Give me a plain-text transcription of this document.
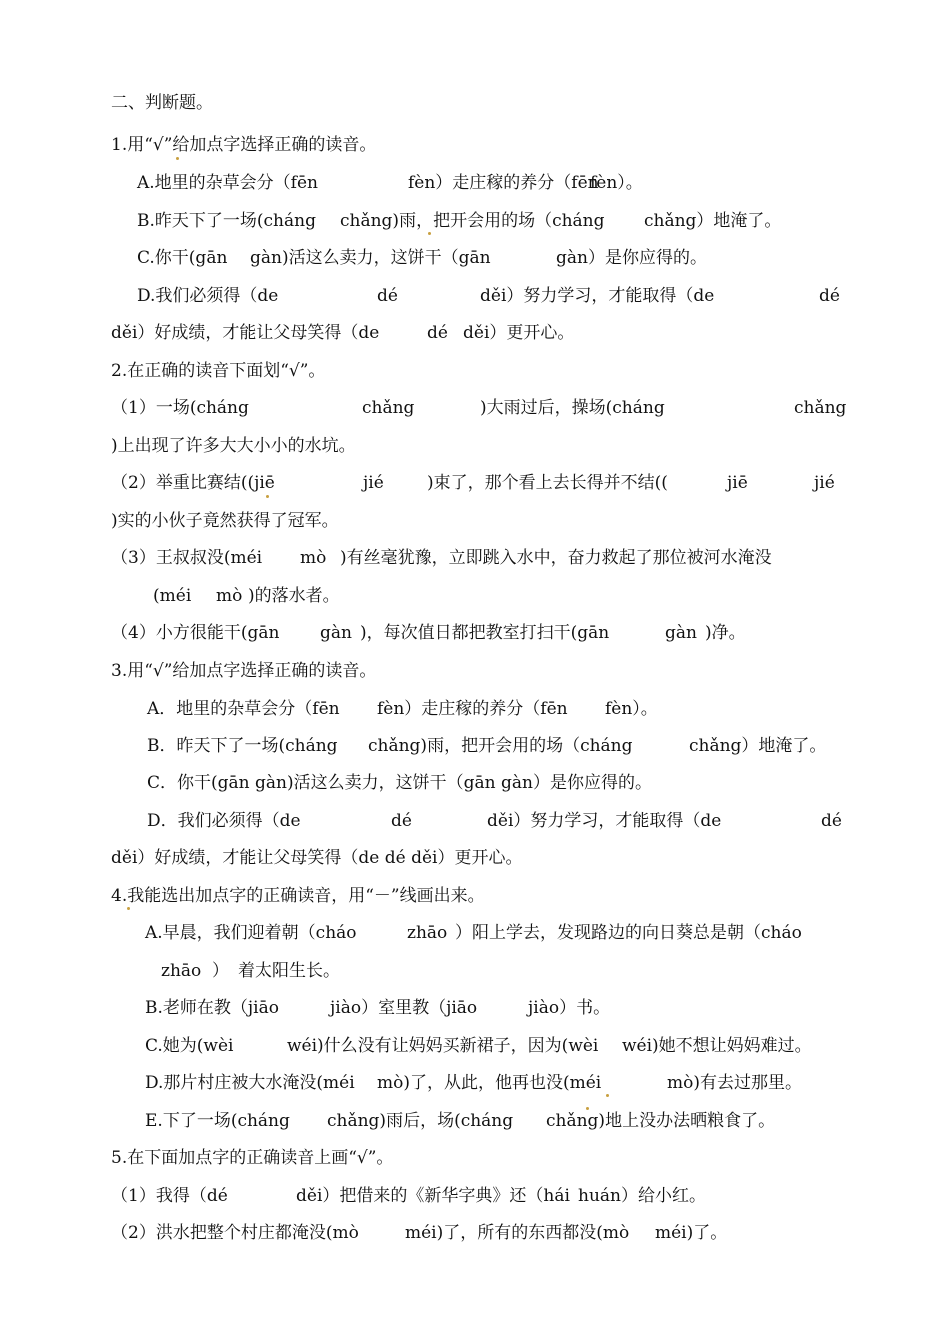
二、判断题。
1.用“√”给加点字选择正确的读音。
A.地里的杂草会分（fēn	fèn）走庄稼的养分（fēn
fèn）。
B.昨天下了一场(cháng chǎng)雨，把开会用的场（cháng chǎng）地淹了。
C.你干(gān gàn)活这么卖力，这饼干（gān	gàn）是你应得的。
D.我们必须得（de	dé	děi）努力学习，才能取得（de	dé
děi）好成绩，才能让父母笑得（de	dé děi）更开心。
2.在正确的读音下面划“√”。
（1）一场(cháng	chǎng	)大雨过后，操场(cháng	chǎng
)上出现了许多大大小小的水坑。
（2）举重比赛结((jiē	jié	)束了，那个看上去长得并不结((	jiē	jié
)实的小伙子竟然获得了冠军。
（3）王叔叔没(méi mò )有丝毫犹豫，立即跳入水中，奋力救起了那位被河水淹没
(méi mò )的落水者。
（4）小方很能干(gān gàn )，每次值日都把教室打扫干(gān	gàn )净。
3.用“√”给加点字选择正确的读音。
A．地里的杂草会分（fēn fèn）走庄稼的养分（fēn fèn）。
B．昨天下了一场(cháng chǎng)雨，把开会用的场（cháng	chǎng）地淹了。
C．你干(gān gàn)活这么卖力，这饼干（gān gàn）是你应得的。
D．我们必须得（de	dé	děi）努力学习，才能取得（de	dé
děi）好成绩，才能让父母笑得（de dé děi）更开心。
4.我能选出加点字的正确读音，用“－”线画出来。
A.早晨，我们迎着朝（cháo	zhāo ）阳上学去，发现路边的向日葵总是朝（cháo
zhāo ） 着太阳生长。
B.老师在教（jiāo	jiào）室里教（jiāo	jiào）书。
C.她为(wèi	wéi)什么没有让妈妈买新裙子，因为(wèi wéi)她不想让妈妈难过。
D.那片村庄被大水淹没(méi mò)了，从此，他再也没(méi	mò)有去过那里。
E.下了一场(cháng chǎng)雨后，场(cháng chǎng)地上没办法晒粮食了。
5.在下面加点字的正确读音上画“√”。
（1）我得（dé	děi）把借来的《新华字典》还（hái huán）给小红。
（2）洪水把整个村庄都淹没(mò	méi)了，所有的东西都没(mò méi)了。
